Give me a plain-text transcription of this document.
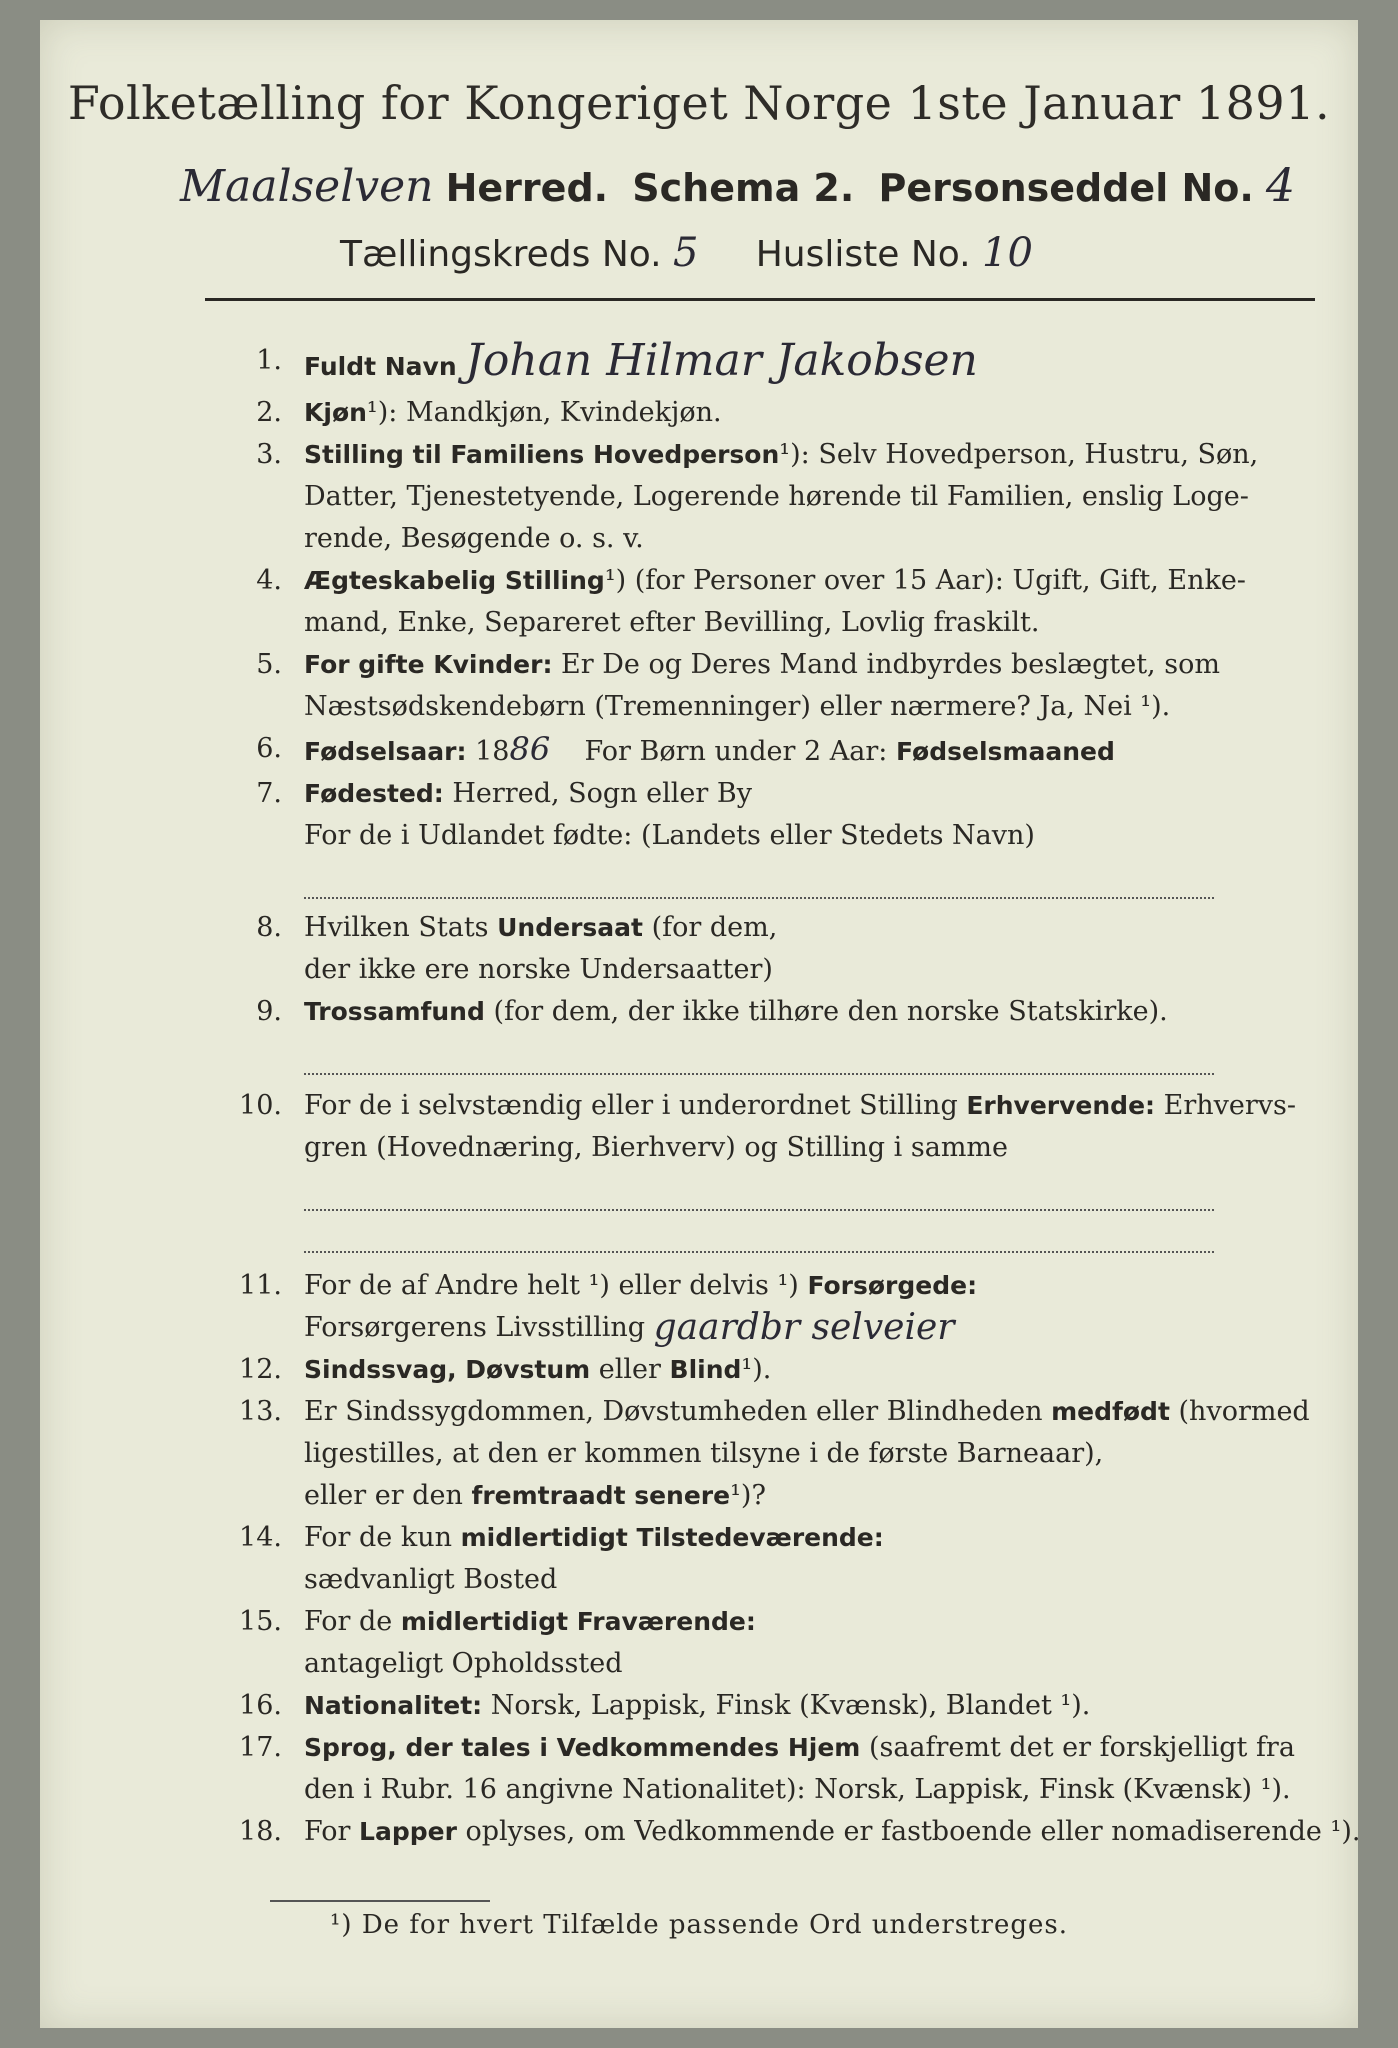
Folketælling for Kongeriget Norge 1ste Januar 1891.
Maalselven Herred. Schema 2. Personseddel No. 4
Tællingskreds No. 5 Husliste No. 10
1. Fuldt Navn Johan Hilmar Jakobsen
2. Kjøn¹): Mandkjøn, Kvindekjøn.
3. Stilling til Familiens Hovedperson¹): Selv Hovedperson, Hustru, Søn,
Datter, Tjenestetyende, Logerende hørende til Familien, enslig Loge-
rende, Besøgende o. s. v.
4. Ægteskabelig Stilling¹) (for Personer over 15 Aar): Ugift, Gift, Enke-
mand, Enke, Separeret efter Bevilling, Lovlig fraskilt.
5. For gifte Kvinder: Er De og Deres Mand indbyrdes beslægtet, som
Næstsødskendebørn (Tremenninger) eller nærmere? Ja, Nei ¹).
6. Fødselsaar: 1886 For Børn under 2 Aar: Fødselsmaaned
7. Fødested: Herred, Sogn eller By
For de i Udlandet fødte: (Landets eller Stedets Navn)
8. Hvilken Stats Undersaat (for dem,
der ikke ere norske Undersaatter)
9. Trossamfund (for dem, der ikke tilhøre den norske Statskirke).
10. For de i selvstændig eller i underordnet Stilling Erhvervende: Erhvervs-
gren (Hovednæring, Bierhverv) og Stilling i samme
11. For de af Andre helt ¹) eller delvis ¹) Forsørgede:
Forsørgerens Livsstilling
gaardbr selveier
12. Sindssvag, Døvstum eller Blind¹).
13. Er Sindssygdommen, Døvstumheden eller Blindheden medfødt (hvormed
ligestilles, at den er kommen tilsyne i de første Barneaar),
eller er den
fremtraadt senere ¹)?
14. For de kun midlertidigt Tilstedeværende:
sædvanligt Bosted
15. For de midlertidigt Fraværende:
antageligt Opholdssted
16. Nationalitet: Norsk, Lappisk, Finsk (Kvænsk), Blandet ¹).
17. Sprog, der tales i Vedkommendes Hjem (saafremt det er forskjelligt fra
den i Rubr. 16 angivne Nationalitet): Norsk, Lappisk, Finsk (Kvænsk) ¹).
18. For Lapper oplyses, om Vedkommende er fastboende eller nomadiserende ¹).
¹) De for hvert Tilfælde passende Ord understreges.
